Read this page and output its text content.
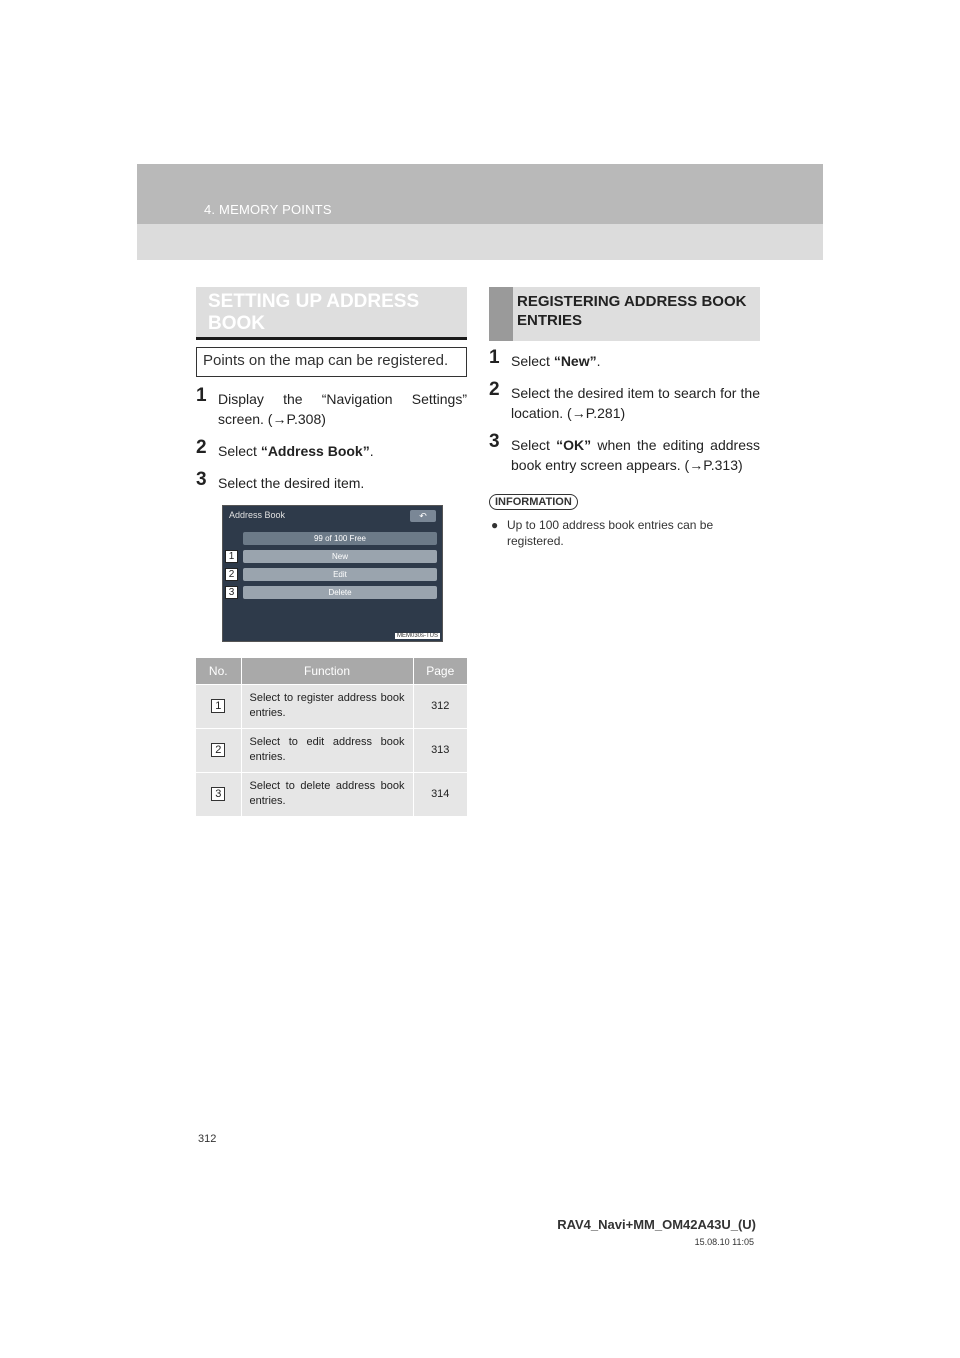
4. MEMORY POINTS
SETTING UP ADDRESS BOOK
Points on the map can be registered.
1 Display the “Navigation Settings” screen. (→P.308)
2 Select “Address Book”.
3 Select the desired item.
Address Book	↶
99 of 100 Free
New
Edit
Delete
1
2
3
MEM030s-TUS
No.	Function	Page
1	Select to register address book entries.	312
2	Select to edit address book entries.	313
3	Select to delete address book entries.	314
REGISTERING ADDRESS BOOK ENTRIES
1 Select “New”.
2 Select the desired item to search for the location. (→P.281)
3 Select “OK” when the editing address book entry screen appears. (→P.313)
INFORMATION
● Up to 100 address book entries can be registered.
312
RAV4_Navi+MM_OM42A43U_(U)
15.08.10 11:05
